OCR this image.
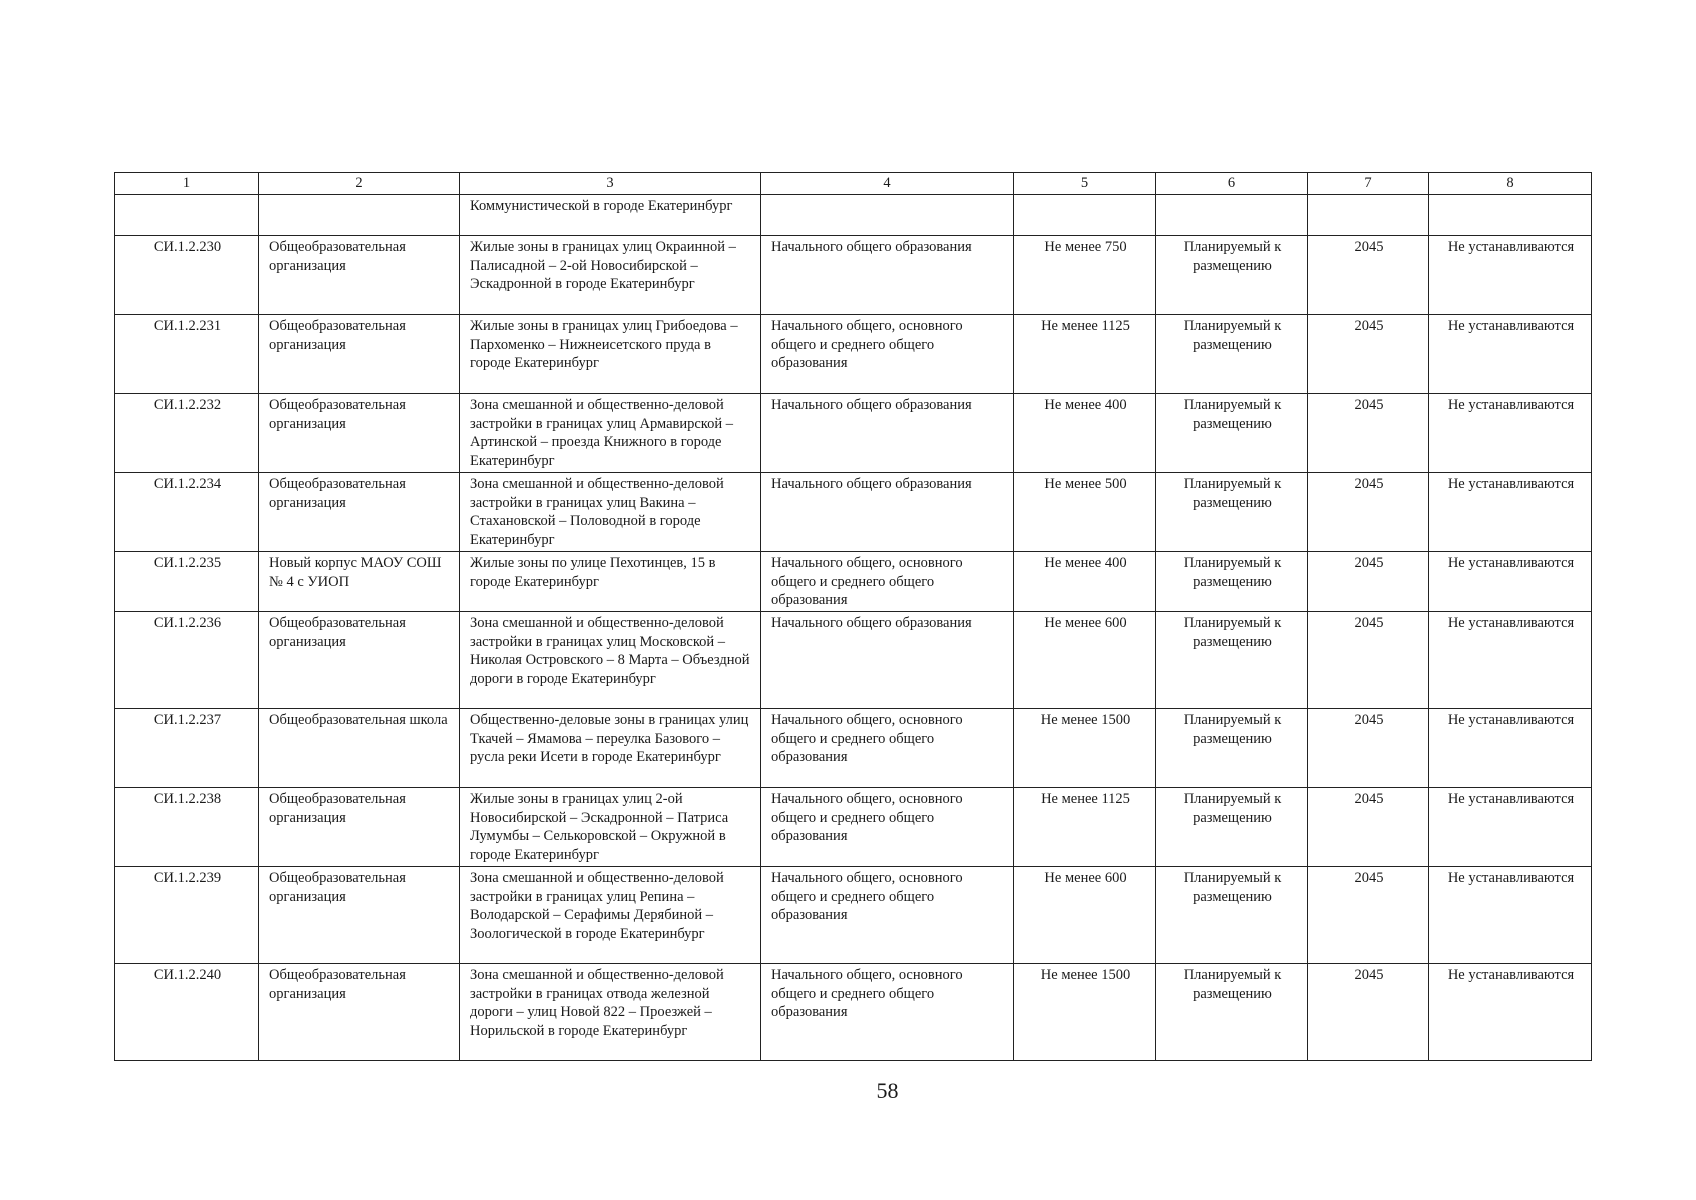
1	2	3	4	5	6	7	8
		Коммунистической в городе Екатеринбург					
СИ.1.2.230	Общеобразовательная организация	Жилые зоны в границах улиц Окраинной – Палисадной – 2-ой Новосибирской – Эскадронной в городе Екатеринбург	Начального общего образования	Не менее 750	Планируемый к размещению	2045	Не устанавливаются
СИ.1.2.231	Общеобразовательная организация	Жилые зоны в границах улиц Грибоедова – Пархоменко – Нижнеисетского пруда в городе Екатеринбург	Начального общего, основного общего и среднего общего образования	Не менее 1125	Планируемый к размещению	2045	Не устанавливаются
СИ.1.2.232	Общеобразовательная организация	Зона смешанной и общественно-деловой застройки в границах улиц Армавирской – Артинской – проезда Книжного в городе Екатеринбург	Начального общего образования	Не менее 400	Планируемый к размещению	2045	Не устанавливаются
СИ.1.2.234	Общеобразовательная организация	Зона смешанной и общественно-деловой застройки в границах улиц Вакина – Стахановской – Половодной в городе Екатеринбург	Начального общего образования	Не менее 500	Планируемый к размещению	2045	Не устанавливаются
СИ.1.2.235	Новый корпус МАОУ СОШ № 4 с УИОП	Жилые зоны по улице Пехотинцев, 15 в городе Екатеринбург	Начального общего, основного общего и среднего общего образования	Не менее 400	Планируемый к размещению	2045	Не устанавливаются
СИ.1.2.236	Общеобразовательная организация	Зона смешанной и общественно-деловой застройки в границах улиц Московской – Николая Островского – 8 Марта – Объездной дороги в городе Екатеринбург	Начального общего образования	Не менее 600	Планируемый к размещению	2045	Не устанавливаются
СИ.1.2.237	Общеобразовательная школа	Общественно-деловые зоны в границах улиц Ткачей – Ямамова – переулка Базового – русла реки Исети в городе Екатеринбург	Начального общего, основного общего и среднего общего образования	Не менее 1500	Планируемый к размещению	2045	Не устанавливаются
СИ.1.2.238	Общеобразовательная организация	Жилые зоны в границах улиц 2-ой Новосибирской – Эскадронной – Патриса Лумумбы – Селькоровской – Окружной в городе Екатеринбург	Начального общего, основного общего и среднего общего образования	Не менее 1125	Планируемый к размещению	2045	Не устанавливаются
СИ.1.2.239	Общеобразовательная организация	Зона смешанной и общественно-деловой застройки в границах улиц Репина – Володарской – Серафимы Дерябиной – Зоологической в городе Екатеринбург	Начального общего, основного общего и среднего общего образования	Не менее 600	Планируемый к размещению	2045	Не устанавливаются
СИ.1.2.240	Общеобразовательная организация	Зона смешанной и общественно-деловой застройки в границах отвода железной дороги – улиц Новой 822 – Проезжей – Норильской в городе Екатеринбург	Начального общего, основного общего и среднего общего образования	Не менее 1500	Планируемый к размещению	2045	Не устанавливаются
58
